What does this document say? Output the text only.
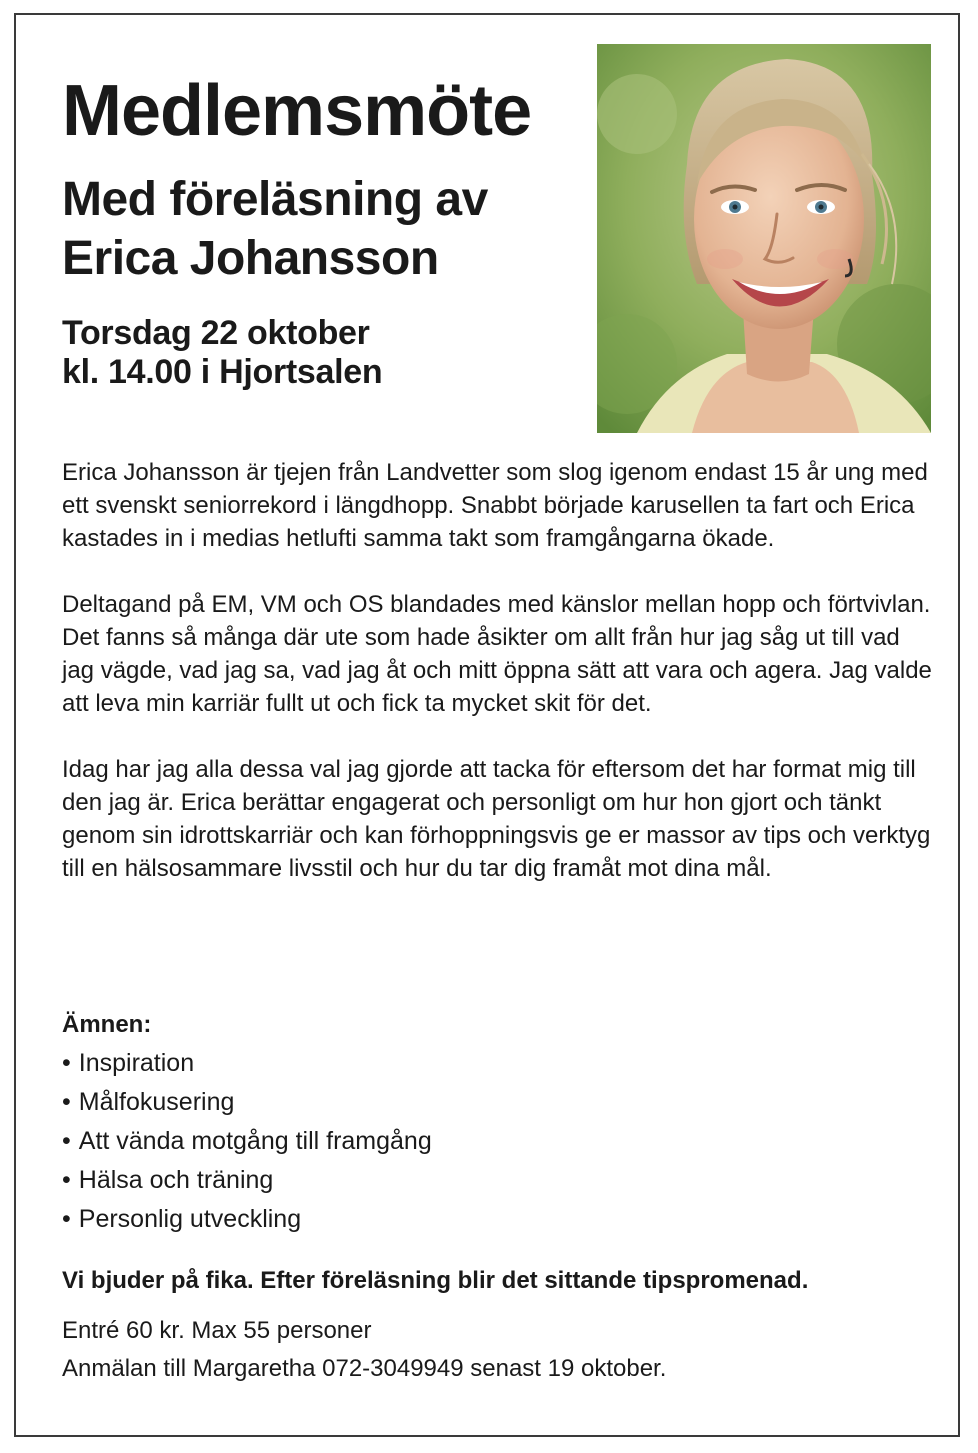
Medlemsmöte
Med föreläsning av
Erica Johansson
Torsdag 22 oktober
kl. 14.00 i Hjortsalen

Erica Johansson är tjejen från Landvetter som slog igenom endast 15 år ung med ett svenskt seniorrekord i längdhopp. Snabbt började karusellen ta fart och Erica kastades in i medias hetlufti samma takt som framgångarna ökade.

Deltagand på EM, VM och OS blandades med känslor mellan hopp och förtvivlan. Det fanns så många där ute som hade åsikter om allt från hur jag såg ut till vad jag vägde, vad jag sa, vad jag åt och mitt öppna sätt att vara och agera. Jag valde att leva min karriär fullt ut och fick ta mycket skit för det.

Idag har jag alla dessa val jag gjorde att tacka för eftersom det har format mig till den jag är. Erica berättar engagerat och personligt om hur hon gjort och tänkt genom sin idrottskarriär och kan förhoppningsvis ge er massor av tips och verktyg till en hälsosammare livsstil och hur du tar dig framåt mot dina mål.

Ämnen:
• Inspiration
• Målfokusering
• Att vända motgång till framgång
• Hälsa och träning
• Personlig utveckling

Vi bjuder på fika. Efter föreläsning blir det sittande tipspromenad.

Entré 60 kr. Max 55 personer
Anmälan till Margaretha 072-3049949 senast 19 oktober.
